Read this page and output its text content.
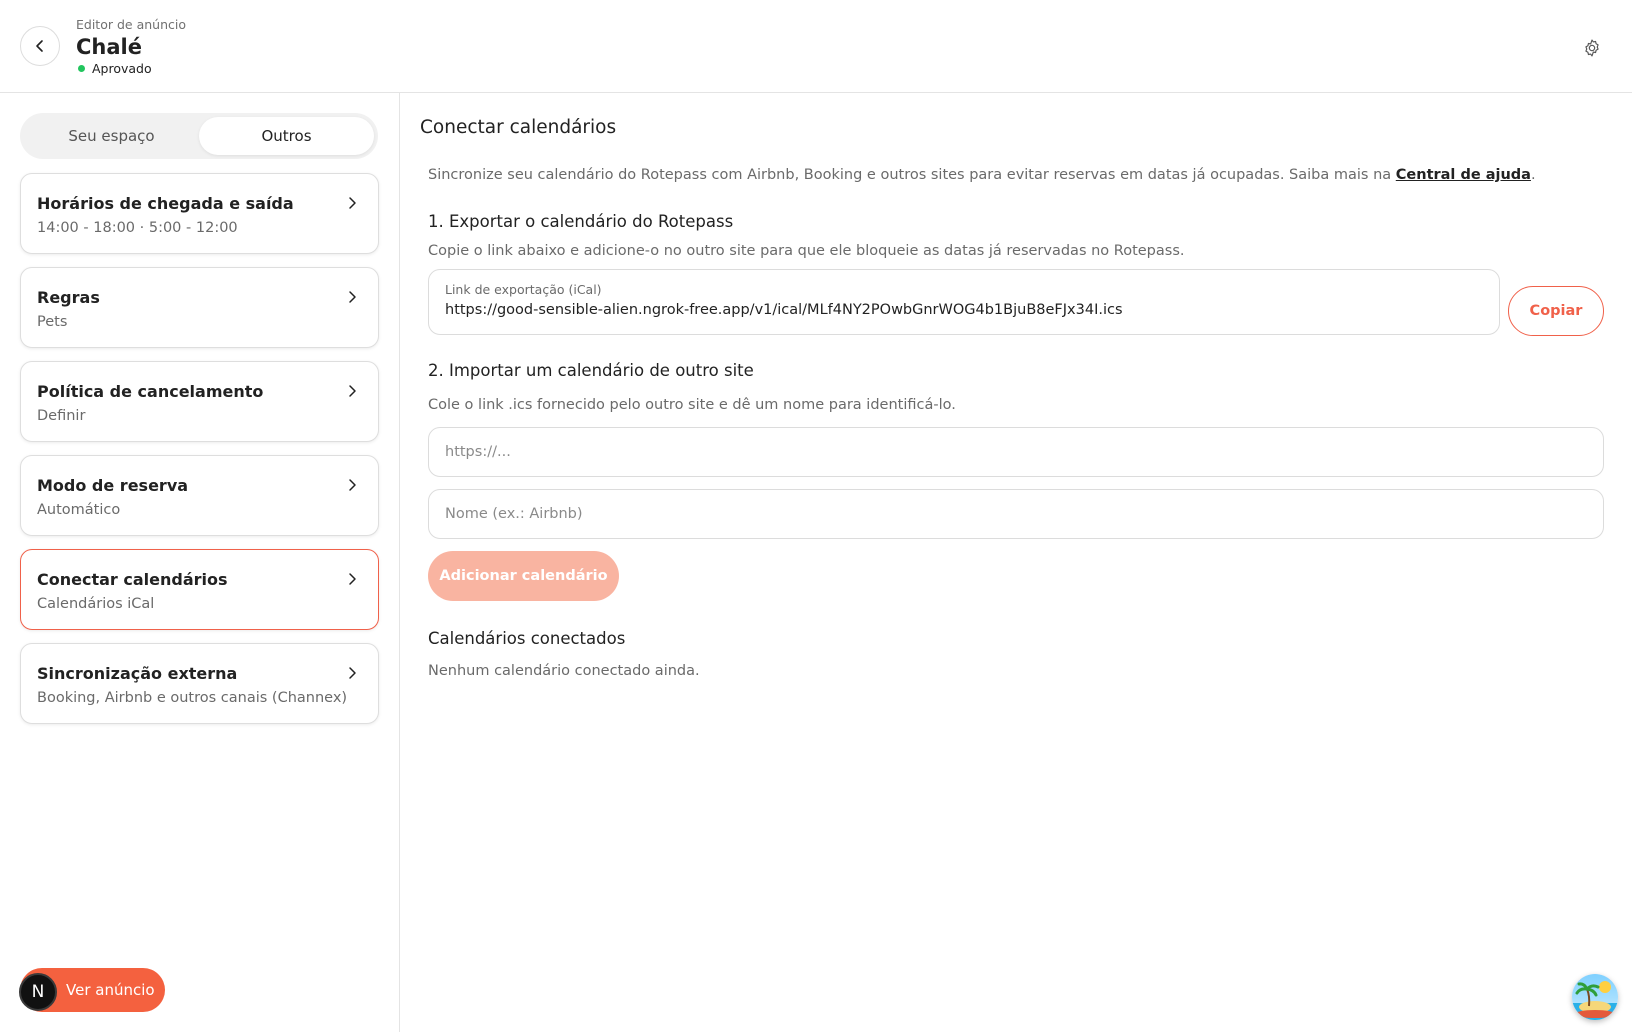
Editor de anúncio
Chalé
Aprovado
Seu espaço	Outros
Horários de chegada e saída
14:00 - 18:00 · 5:00 - 12:00
Regras
Pets
Política de cancelamento
Definir
Modo de reserva
Automático
Conectar calendários
Calendários iCal
Sincronização externa
Booking, Airbnb e outros canais (Channex)
Ver anúncio
N
Conectar calendários
Sincronize seu calendário do Rotepass com Airbnb, Booking e outros sites para evitar reservas em datas já ocupadas. Saiba mais na Central de ajuda.
1. Exportar o calendário do Rotepass
Copie o link abaixo e adicione-o no outro site para que ele bloqueie as datas já reservadas no Rotepass.
Link de exportação (iCal)
https://good-sensible-alien.ngrok-free.app/v1/ical/MLf4NY2POwbGnrWOG4b1BjuB8eFJx34I.ics	Copiar
2. Importar um calendário de outro site
Cole o link .ics fornecido pelo outro site e dê um nome para identificá-lo.
https://...
Nome (ex.: Airbnb)
Adicionar calendário
Calendários conectados
Nenhum calendário conectado ainda.
